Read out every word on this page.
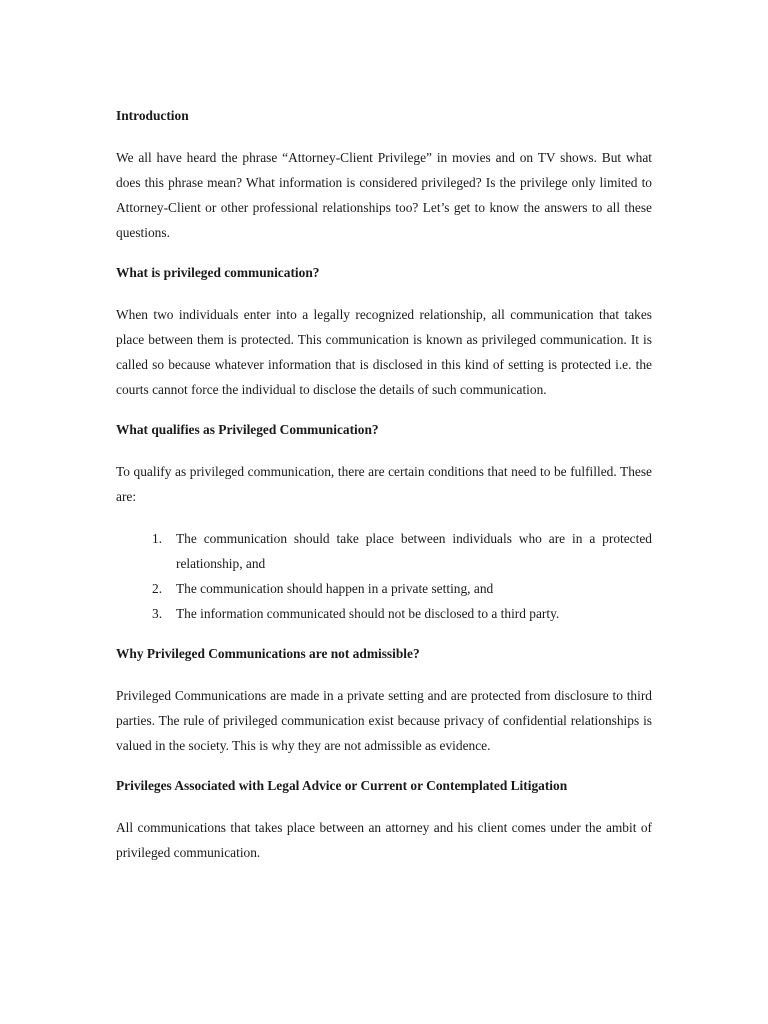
Introduction

We all have heard the phrase “Attorney-Client Privilege” in movies and on TV shows. But what does this phrase mean? What information is considered privileged? Is the privilege only limited to Attorney-Client or other professional relationships too? Let’s get to know the answers to all these questions.

What is privileged communication?

When two individuals enter into a legally recognized relationship, all communication that takes place between them is protected. This communication is known as privileged communication. It is called so because whatever information that is disclosed in this kind of setting is protected i.e. the courts cannot force the individual to disclose the details of such communication.

What qualifies as Privileged Communication?

To qualify as privileged communication, there are certain conditions that need to be fulfilled. These are:

1. The communication should take place between individuals who are in a protected relationship, and
2. The communication should happen in a private setting, and
3. The information communicated should not be disclosed to a third party.
Why Privileged Communications are not admissible?

Privileged Communications are made in a private setting and are protected from disclosure to third parties. The rule of privileged communication exist because privacy of confidential relationships is valued in the society. This is why they are not admissible as evidence.

Privileges Associated with Legal Advice or Current or Contemplated Litigation

All communications that takes place between an attorney and his client comes under the ambit of privileged communication.
